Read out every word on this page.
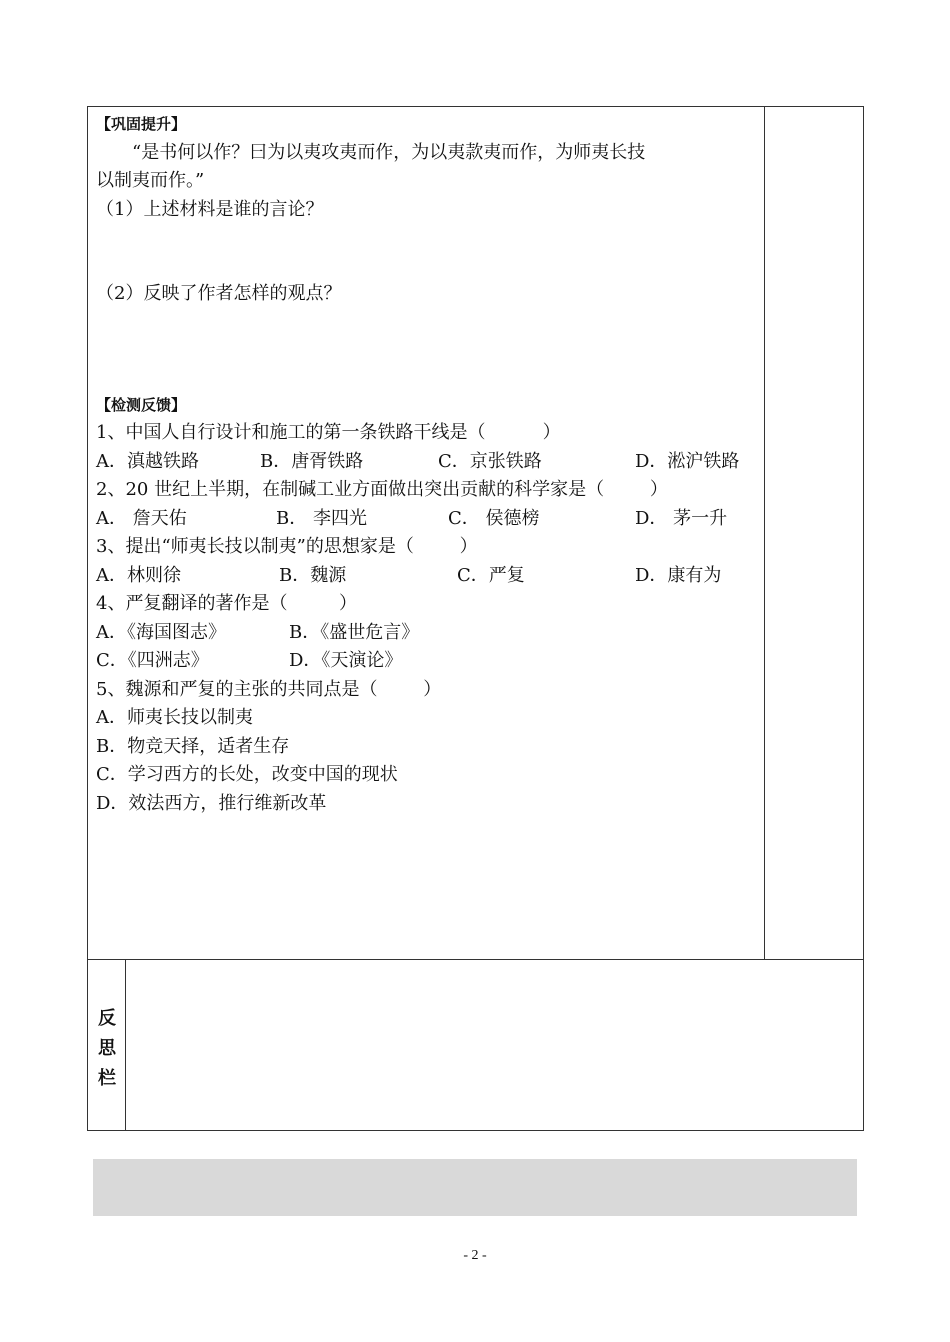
【巩固提升】
“是书何以作？曰为以夷攻夷而作，为以夷款夷而作，为师夷长技
以制夷而作。”
（1）上述材料是谁的言论？
（2）反映了作者怎样的观点？
【检测反馈】
1、中国人自行设计和施工的第一条铁路干线是（          ）
A．滇越铁路	B．唐胥铁路	C．京张铁路	D．淞沪铁路
2、20 世纪上半期，在制碱工业方面做出突出贡献的科学家是（        ）
A． 詹天佑	B． 李四光	C． 侯德榜	D． 茅一升
3、提出“师夷长技以制夷”的思想家是（        ）
A．林则徐	B．魏源	C．严复	D．康有为
4、严复翻译的著作是（         ）
A．《海国图志》	B．《盛世危言》
C．《四洲志》	D．《天演论》
5、魏源和严复的主张的共同点是（        ）
A．师夷长技以制夷
B．物竞天择，适者生存
C．学习西方的长处，改变中国的现状
D．效法西方，推行维新改革
反
思
栏
- 2 -
